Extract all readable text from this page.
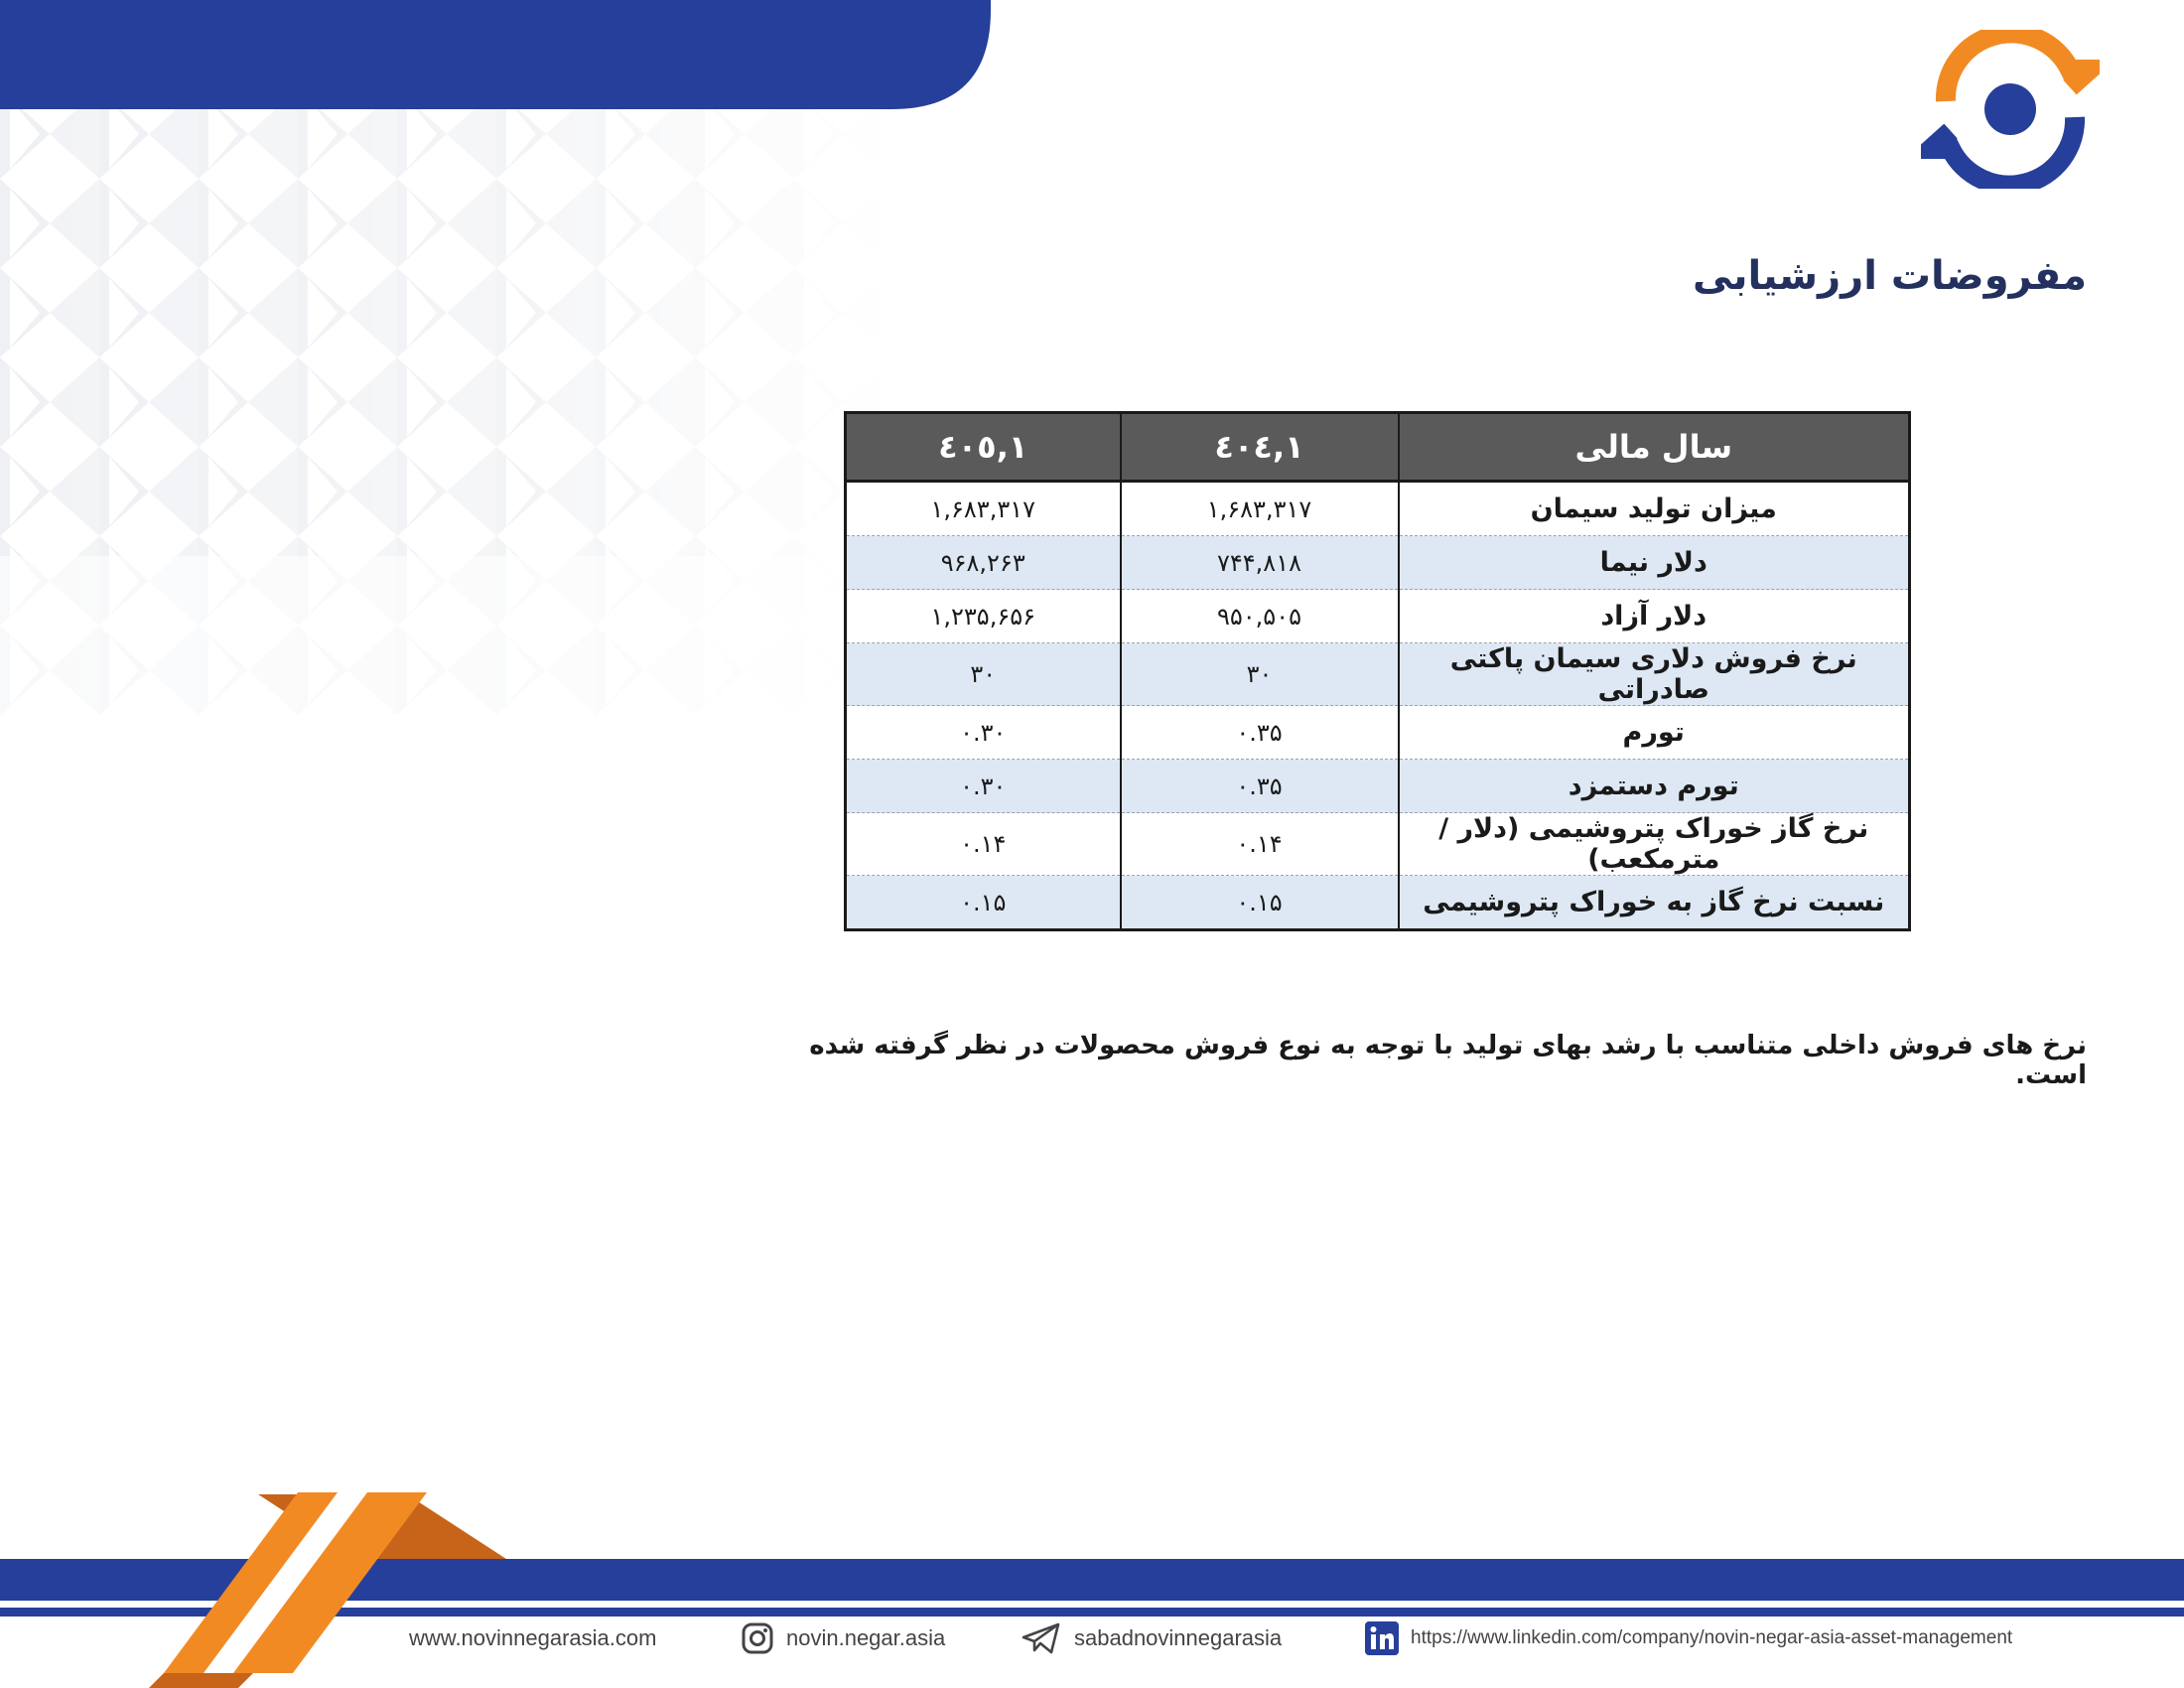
مفروضات ارزشیابی
سال مالی	۱,٤٠٤	۱,٤٠٥
میزان تولید سیمان	۱,۶۸۳,۳۱۷	۱,۶۸۳,۳۱۷
دلار نیما	۷۴۴,۸۱۸	۹۶۸,۲۶۳
دلار آزاد	۹۵۰,۵۰۵	۱,۲۳۵,۶۵۶
نرخ فروش دلاری سیمان پاکتی صادراتی	۳۰	۳۰
تورم	۰.۳۵	۰.۳۰
تورم دستمزد	۰.۳۵	۰.۳۰
نرخ گاز خوراک پتروشیمی (دلار / مترمکعب)	۰.۱۴	۰.۱۴
نسبت نرخ گاز به خوراک پتروشیمی	۰.۱۵	۰.۱۵

نرخ های فروش داخلی متناسب با رشد بهای تولید با توجه به نوع فروش محصولات در نظر گرفته شده است.

www.novinnegarasia.com	novin.negar.asia	sabadnovinnegarasia	https://www.linkedin.com/company/novin-negar-asia-asset-management
